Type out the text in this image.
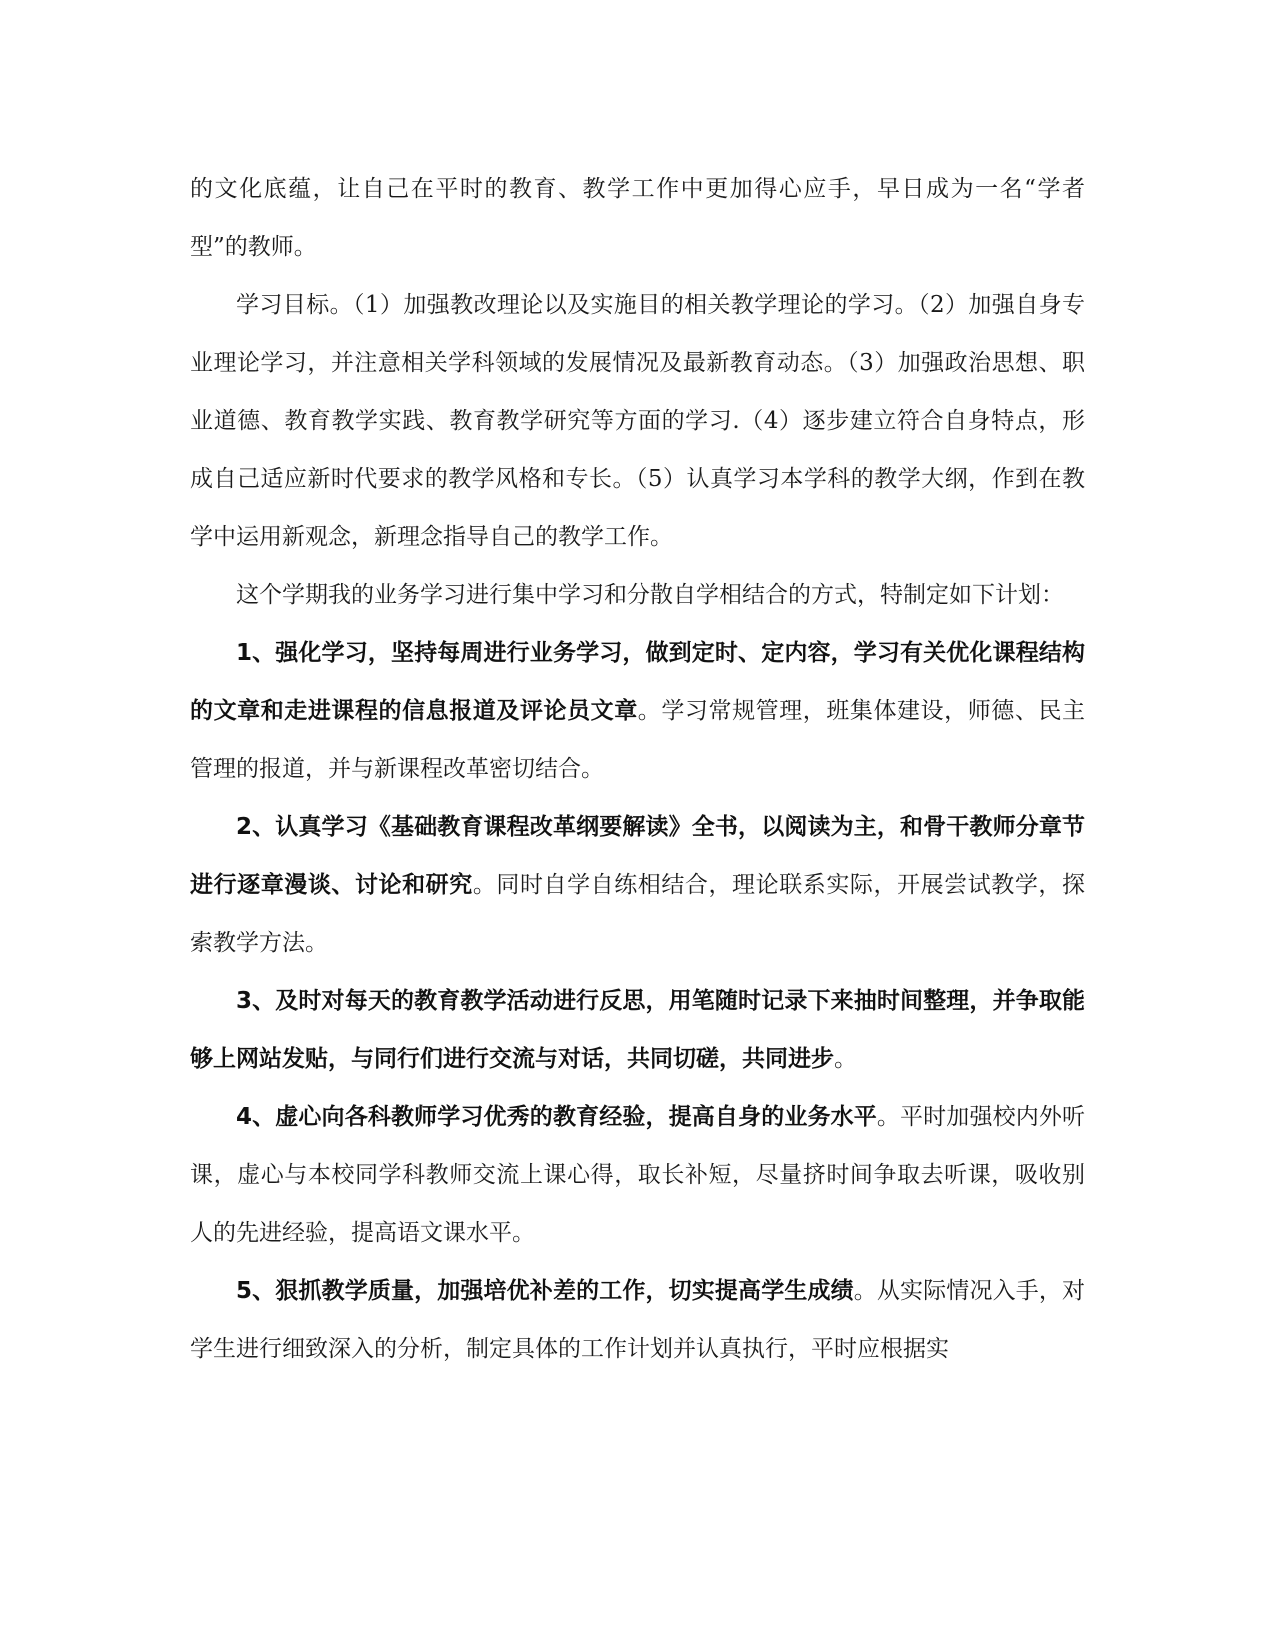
的文化底蕴，让自己在平时的教育、教学工作中更加得心应手，早日成为一名“学者型”的教师。

学习目标。（1）加强教改理论以及实施目的相关教学理论的学习。（2）加强自身专业理论学习，并注意相关学科领域的发展情况及最新教育动态。（3）加强政治思想、职业道德、教育教学实践、教育教学研究等方面的学习.（4）逐步建立符合自身特点，形成自己适应新时代要求的教学风格和专长。（5）认真学习本学科的教学大纲，作到在教学中运用新观念，新理念指导自己的教学工作。

这个学期我的业务学习进行集中学习和分散自学相结合的方式，特制定如下计划：

1、强化学习，坚持每周进行业务学习，做到定时、定内容，学习有关优化课程结构的文章和走进课程的信息报道及评论员文章。学习常规管理，班集体建设，师德、民主管理的报道，并与新课程改革密切结合。

2、认真学习《基础教育课程改革纲要解读》全书，以阅读为主，和骨干教师分章节进行逐章漫谈、讨论和研究。同时自学自练相结合，理论联系实际，开展尝试教学，探索教学方法。

3、及时对每天的教育教学活动进行反思，用笔随时记录下来抽时间整理，并争取能够上网站发贴，与同行们进行交流与对话，共同切磋，共同进步。

4、虚心向各科教师学习优秀的教育经验，提高自身的业务水平。平时加强校内外听课，虚心与本校同学科教师交流上课心得，取长补短，尽量挤时间争取去听课，吸收别人的先进经验，提高语文课水平。

5、狠抓教学质量，加强培优补差的工作，切实提高学生成绩。从实际情况入手，对学生进行细致深入的分析，制定具体的工作计划并认真执行，平时应根据实
